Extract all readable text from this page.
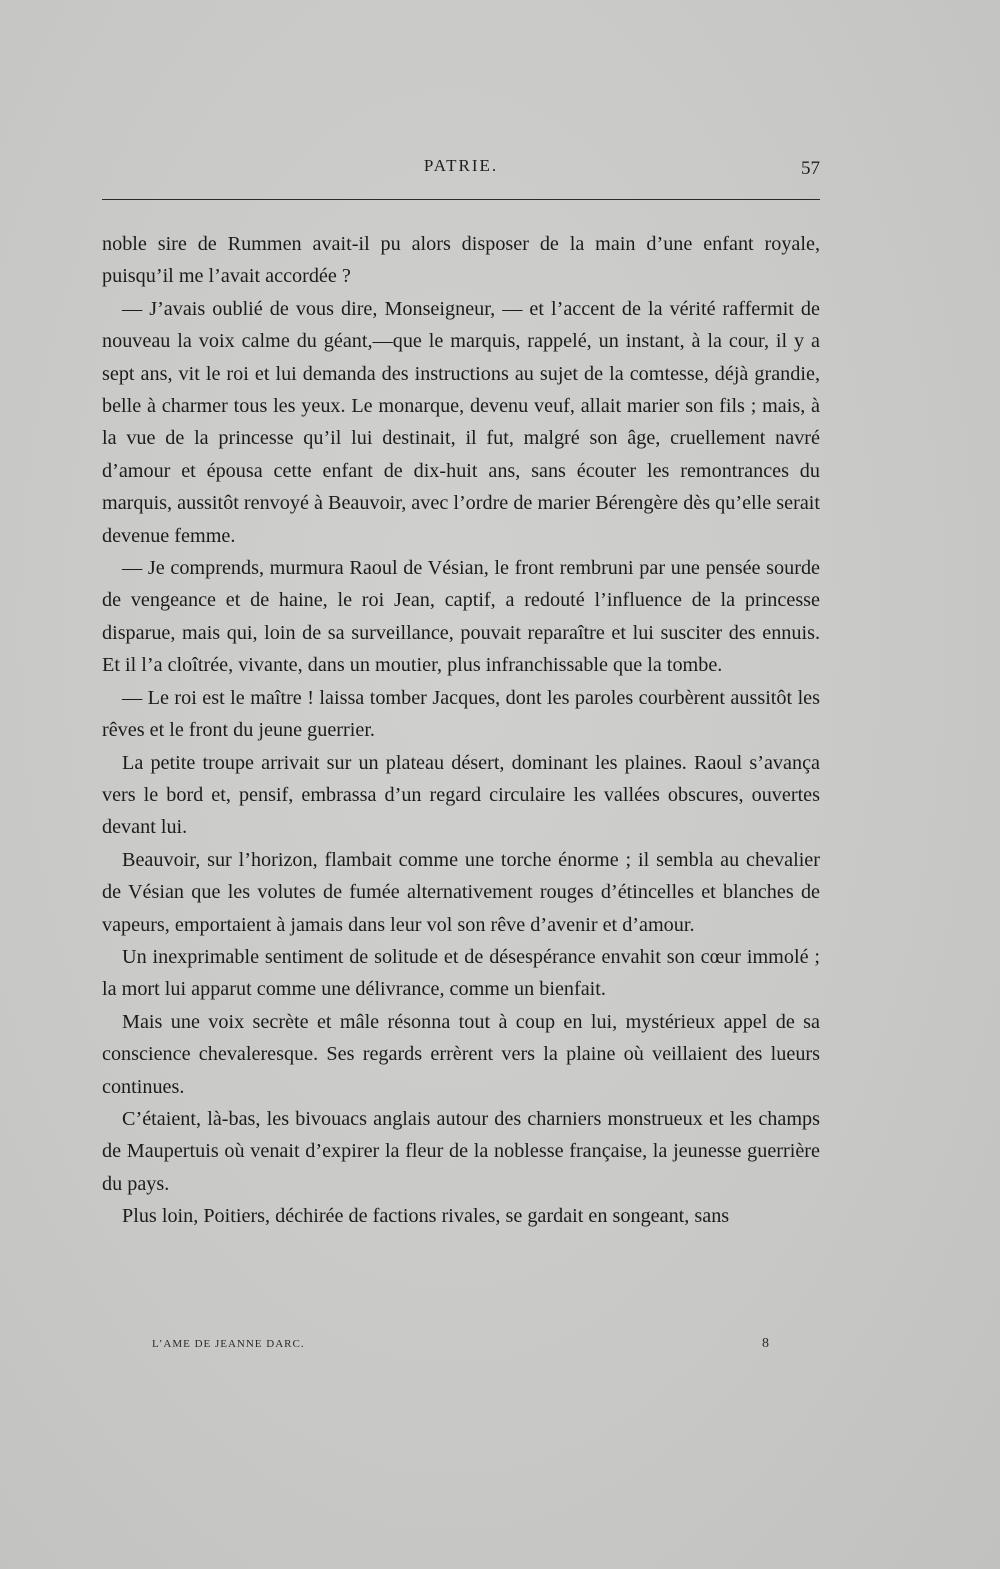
PATRIE.	57

noble sire de Rummen avait-il pu alors disposer de la main d’une enfant royale, puisqu’il me l’avait accordée ?

— J’avais oublié de vous dire, Monseigneur, — et l’accent de la vérité raffermit de nouveau la voix calme du géant,—que le marquis, rappelé, un instant, à la cour, il y a sept ans, vit le roi et lui demanda des instructions au sujet de la comtesse, déjà grandie, belle à charmer tous les yeux. Le monarque, devenu veuf, allait marier son fils ; mais, à la vue de la princesse qu’il lui destinait, il fut, malgré son âge, cruellement navré d’amour et épousa cette enfant de dix-huit ans, sans écouter les remontrances du marquis, aussitôt renvoyé à Beauvoir, avec l’ordre de marier Bérengère dès qu’elle serait devenue femme.

— Je comprends, murmura Raoul de Vésian, le front rembruni par une pensée sourde de vengeance et de haine, le roi Jean, captif, a redouté l’influence de la princesse disparue, mais qui, loin de sa surveillance, pouvait reparaître et lui susciter des ennuis. Et il l’a cloîtrée, vivante, dans un moutier, plus infranchissable que la tombe.

— Le roi est le maître ! laissa tomber Jacques, dont les paroles courbèrent aussitôt les rêves et le front du jeune guerrier.

La petite troupe arrivait sur un plateau désert, dominant les plaines. Raoul s’avança vers le bord et, pensif, embrassa d’un regard circulaire les vallées obscures, ouvertes devant lui.

Beauvoir, sur l’horizon, flambait comme une torche énorme ; il sembla au chevalier de Vésian que les volutes de fumée alternativement rouges d’étincelles et blanches de vapeurs, emportaient à jamais dans leur vol son rêve d’avenir et d’amour.

Un inexprimable sentiment de solitude et de désespérance envahit son cœur immolé ; la mort lui apparut comme une délivrance, comme un bienfait.

Mais une voix secrète et mâle résonna tout à coup en lui, mystérieux appel de sa conscience chevaleresque. Ses regards errèrent vers la plaine où veillaient des lueurs continues.

C’étaient, là-bas, les bivouacs anglais autour des charniers monstrueux et les champs de Maupertuis où venait d’expirer la fleur de la noblesse française, la jeunesse guerrière du pays.

Plus loin, Poitiers, déchirée de factions rivales, se gardait en songeant, sans

L’AME DE JEANNE DARC.	8
